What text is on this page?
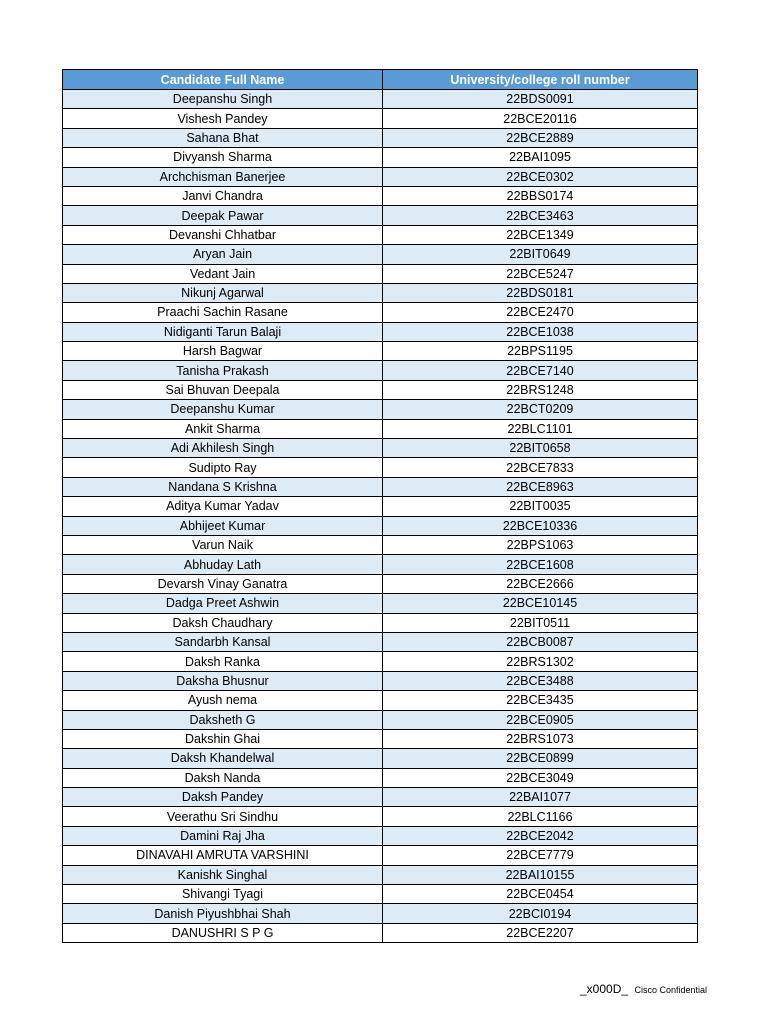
Candidate Full Name	University/college roll number
Deepanshu Singh	22BDS0091
Vishesh Pandey	22BCE20116
Sahana Bhat	22BCE2889
Divyansh Sharma	22BAI1095
Archchisman Banerjee	22BCE0302
Janvi Chandra	22BBS0174
Deepak Pawar	22BCE3463
Devanshi Chhatbar	22BCE1349
Aryan Jain	22BIT0649
Vedant Jain	22BCE5247
Nikunj Agarwal	22BDS0181
Praachi Sachin Rasane	22BCE2470
Nidiganti Tarun Balaji	22BCE1038
Harsh Bagwar	22BPS1195
Tanisha Prakash	22BCE7140
Sai Bhuvan Deepala	22BRS1248
Deepanshu Kumar	22BCT0209
Ankit Sharma	22BLC1101
Adi Akhilesh Singh	22BIT0658
Sudipto Ray	22BCE7833
Nandana S Krishna	22BCE8963
Aditya Kumar Yadav	22BIT0035
Abhijeet Kumar	22BCE10336
Varun Naik	22BPS1063
Abhuday Lath	22BCE1608
Devarsh Vinay Ganatra	22BCE2666
Dadga Preet Ashwin	22BCE10145
Daksh Chaudhary	22BIT0511
Sandarbh Kansal	22BCB0087
Daksh Ranka	22BRS1302
Daksha Bhusnur	22BCE3488
Ayush nema	22BCE3435
Daksheth G	22BCE0905
Dakshin Ghai	22BRS1073
Daksh Khandelwal	22BCE0899
Daksh Nanda	22BCE3049
Daksh Pandey	22BAI1077
Veerathu Sri Sindhu	22BLC1166
Damini Raj Jha	22BCE2042
DINAVAHI AMRUTA VARSHINI	22BCE7779
Kanishk Singhal	22BAI10155
Shivangi Tyagi	22BCE0454
Danish Piyushbhai Shah	22BCI0194
DANUSHRI S P G	22BCE2207
_x000D_ Cisco Confidential
